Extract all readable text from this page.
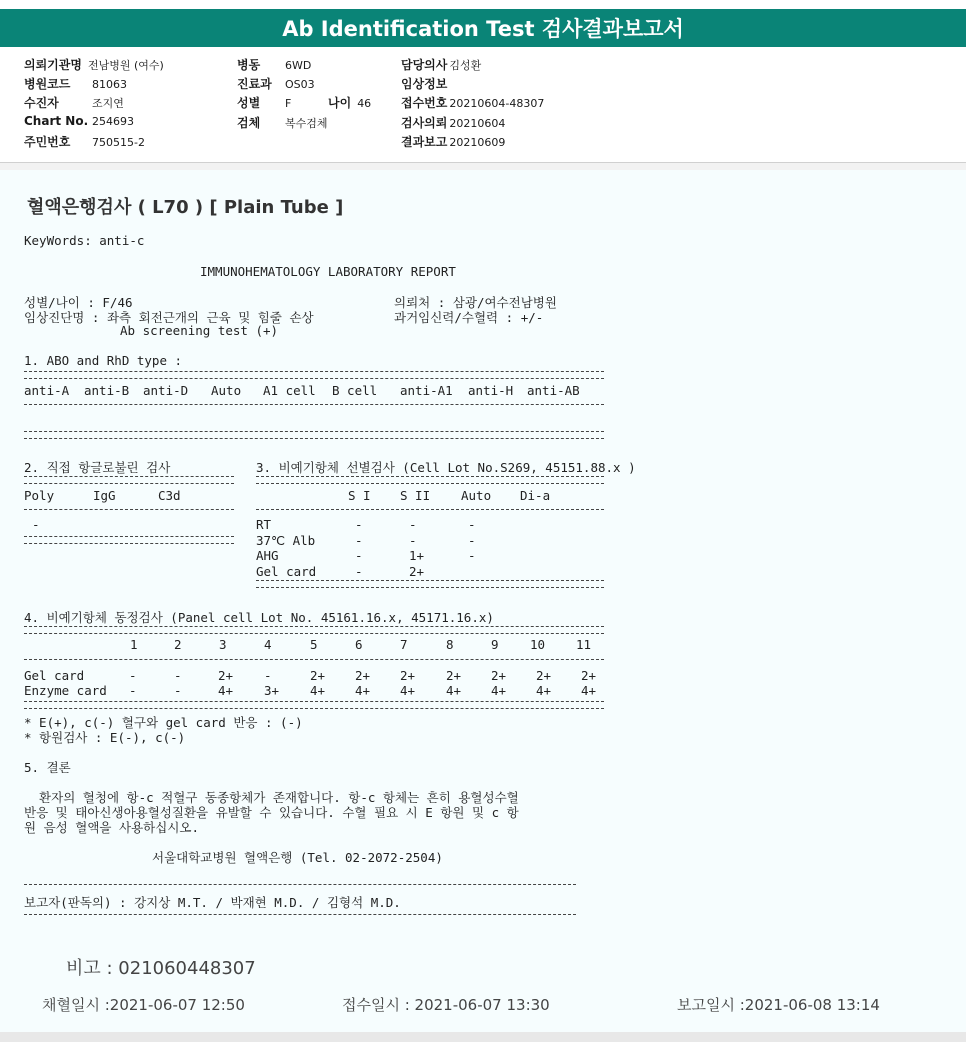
Ab Identification Test 검사결과보고서
의뢰기관명 전남병원 (여수)
병원코드 81063
수진자	조지연
Chart No. 254693
주민번호 750515-2
병동 6WD
진료과 OS03
성별 F	나이 46
검체 복수검체
담당의사 김성환
임상정보
접수번호 20210604-48307
검사의뢰 20210604
결과보고 20210609
혈액은행검사 ( L70 ) [ Plain Tube ]
KeyWords: anti-c
IMMUNOHEMATOLOGY LABORATORY REPORT
성별/나이 : F/46
임상진단명 : 좌측 회전근개의 근육 및 힘줄 손상
Ab screening test (+)
의뢰처 : 삼광/여수전남병원
과거임신력/수혈력 : +/-
1. ABO and RhD type :
anti-A anti-B anti-D Auto A1 cell B cell anti-A1 anti-H anti-AB
2. 직접 항글로불린 검사
Poly	IgG	C3d
-
3. 비예기항체 선별검사 (Cell Lot No.S269, 45151.88.x )
S I S II Auto Di-a
RT	-	-	-
37℃ Alb	-	-	-
AHG	-	1+	-
Gel card	-	2+
4. 비예기항체 동정검사 (Panel cell Lot No. 45161.16.x, 45171.16.x)
1	2	3	4	5	6	7	8	9	10 11
Gel card	-	-	2+ -	2+ 2+ 2+ 2+ 2+ 2+ 2+
Enzyme card -	-	4+ 3+ 4+ 4+ 4+ 4+ 4+ 4+ 4+
* E(+), c(-) 혈구와 gel card 반응 : (-)
* 항원검사 : E(-), c(-)
5. 결론
환자의 혈청에 항-c 적혈구 동종항체가 존재합니다. 항-c 항체는 흔히 용혈성수혈
반응 및 태아신생아용혈성질환을 유발할 수 있습니다. 수혈 필요 시 E 항원 및 c 항
원 음성 혈액을 사용하십시오.
서울대학교병원 혈액은행 (Tel. 02-2072-2504)
보고자(판독의) : 강지상 M.T. / 박재현 M.D. / 김형석 M.D.
비고 : 021060448307
채혈일시 :2021-06-07 12:50	접수일시 : 2021-06-07 13:30	보고일시 :2021-06-08 13:14
